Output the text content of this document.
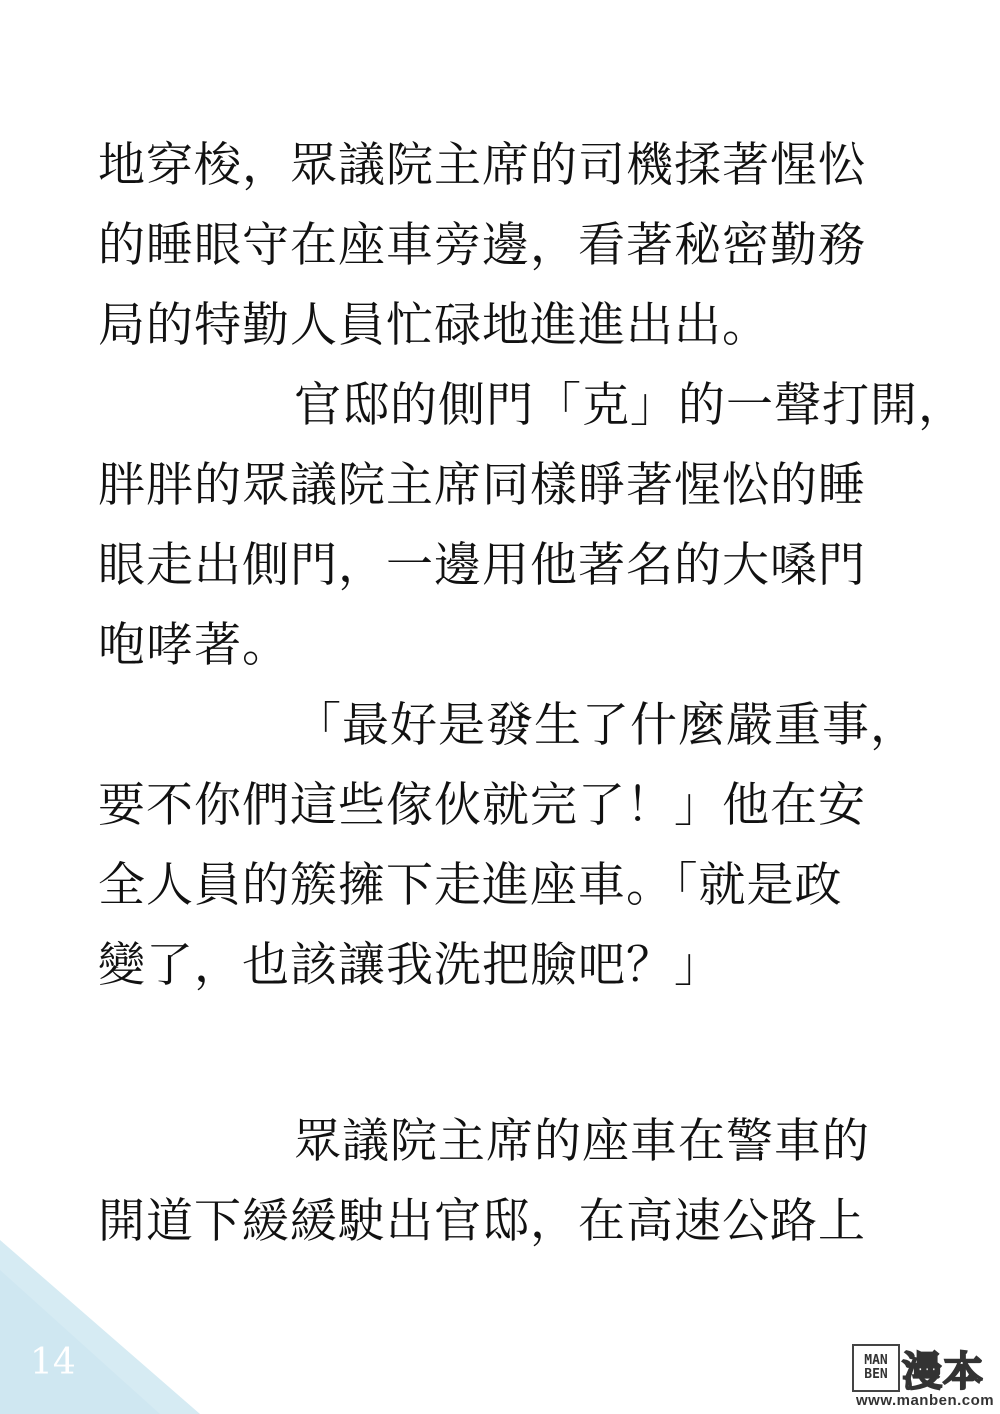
地穿梭，眾議院主席的司機揉著惺忪
的睡眼守在座車旁邊，看著秘密勤務
局的特勤人員忙碌地進進出出。
官邸的側門「克」的一聲打開，
胖胖的眾議院主席同樣睜著惺忪的睡
眼走出側門，一邊用他著名的大嗓門
咆哮著。
「最好是發生了什麼嚴重事，
要不你們這些傢伙就完了！」他在安
全人員的簇擁下走進座車。「就是政
變了，也該讓我洗把臉吧？」
眾議院主席的座車在警車的
開道下緩緩駛出官邸，在高速公路上
14	MAN
BEN 漫本
www.manben.com
